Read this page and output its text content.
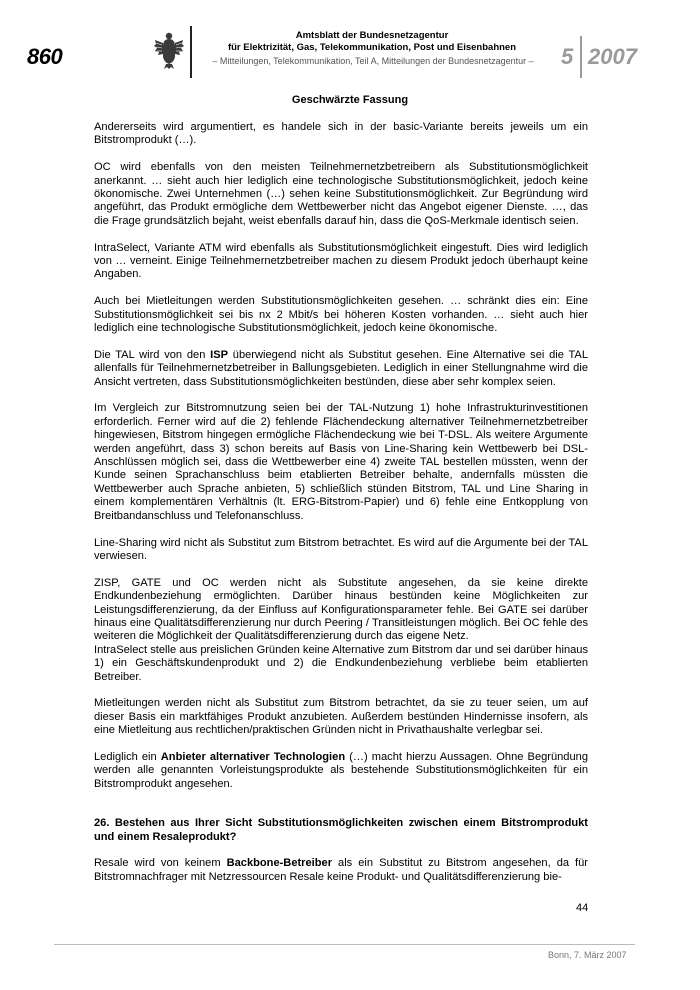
860
Amtsblatt der Bundesnetzagentur
für Elektrizität, Gas, Telekommunikation, Post und Eisenbahnen
– Mitteilungen, Telekommunikation, Teil A, Mitteilungen der Bundesnetzagentur –	5 2007
Geschwärzte Fassung

Andererseits wird argumentiert, es handele sich in der basic-Variante bereits jeweils um ein Bitstromprodukt (…).

OC wird ebenfalls von den meisten Teilnehmernetzbetreibern als Substitutionsmöglichkeit anerkannt. … sieht auch hier lediglich eine technologische Substitutionsmöglichkeit, jedoch keine ökonomische. Zwei Unternehmen (…) sehen keine Substitutionsmöglichkeit. Zur Begründung wird angeführt, das Produkt ermögliche dem Wettbewerber nicht das Angebot eigener Dienste. …, das die Frage grundsätzlich bejaht, weist ebenfalls darauf hin, dass die QoS-Merkmale identisch seien.

IntraSelect, Variante ATM wird ebenfalls als Substitutionsmöglichkeit eingestuft. Dies wird lediglich von … verneint. Einige Teilnehmernetzbetreiber machen zu diesem Produkt jedoch überhaupt keine Angaben.

Auch bei Mietleitungen werden Substitutionsmöglichkeiten gesehen. … schränkt dies ein: Eine Substitutionsmöglichkeit sei bis nx 2 Mbit/s bei höheren Kosten vorhanden. … sieht auch hier lediglich eine technologische Substitutionsmöglichkeit, jedoch keine ökonomische.

Die TAL wird von den ISP überwiegend nicht als Substitut gesehen. Eine Alternative sei die TAL allenfalls für Teilnehmernetzbetreiber in Ballungsgebieten. Lediglich in einer Stellungnahme wird die Ansicht vertreten, dass Substitutionsmöglichkeiten bestünden, diese aber sehr komplex seien.

Im Vergleich zur Bitstromnutzung seien bei der TAL-Nutzung 1) hohe Infrastrukturinvestitionen erforderlich. Ferner wird auf die 2) fehlende Flächendeckung alternativer Teilnehmernetzbetreiber hingewiesen, Bitstrom hingegen ermögliche Flächendeckung wie bei T-DSL. Als weitere Argumente werden angeführt, dass 3) schon bereits auf Basis von Line-Sharing kein Wettbewerb bei DSL-Anschlüssen möglich sei, dass die Wettbewerber eine 4) zweite TAL bestellen müssten, wenn der Kunde seinen Sprachanschluss beim etablierten Betreiber behalte, andernfalls müssten die Wettbewerber auch Sprache anbieten, 5) schließlich stünden Bitstrom, TAL und Line Sharing in einem komplementären Verhältnis (lt. ERG-Bitstrom-Papier) und 6) fehle eine Entkopplung von Breitbandanschluss und Telefonanschluss.

Line-Sharing wird nicht als Substitut zum Bitstrom betrachtet. Es wird auf die Argumente bei der TAL verwiesen.

ZISP, GATE und OC werden nicht als Substitute angesehen, da sie keine direkte Endkundenbeziehung ermöglichten. Darüber hinaus bestünden keine Möglichkeiten zur Leistungsdifferenzierung, da der Einfluss auf Konfigurationsparameter fehle. Bei GATE sei darüber hinaus eine Qualitätsdifferenzierung nur durch Peering / Transitleistungen möglich. Bei OC fehle des weiteren die Möglichkeit der Qualitätsdifferenzierung durch das eigene Netz.

IntraSelect stelle aus preislichen Gründen keine Alternative zum Bitstrom dar und sei darüber hinaus 1) ein Geschäftskundenprodukt und 2) die Endkundenbeziehung verbliebe beim etablierten Betreiber.

Mietleitungen werden nicht als Substitut zum Bitstrom betrachtet, da sie zu teuer seien, um auf dieser Basis ein marktfähiges Produkt anzubieten. Außerdem bestünden Hindernisse insofern, als eine Mietleitung aus rechtlichen/praktischen Gründen nicht in Privathaushalte verlegbar sei.

Lediglich ein Anbieter alternativer Technologien (…) macht hierzu Aussagen. Ohne Begründung werden alle genannten Vorleistungsprodukte als bestehende Substitutionsmöglichkeiten für ein Bitstromprodukt angesehen.

26. Bestehen aus Ihrer Sicht Substitutionsmöglichkeiten zwischen einem Bitstromprodukt und einem Resaleprodukt?

Resale wird von keinem Backbone-Betreiber als ein Substitut zu Bitstrom angesehen, da für Bitstromnachfrager mit Netzressourcen Resale keine Produkt- und Qualitätsdifferenzierung bie-

44
Bonn, 7. März 2007
